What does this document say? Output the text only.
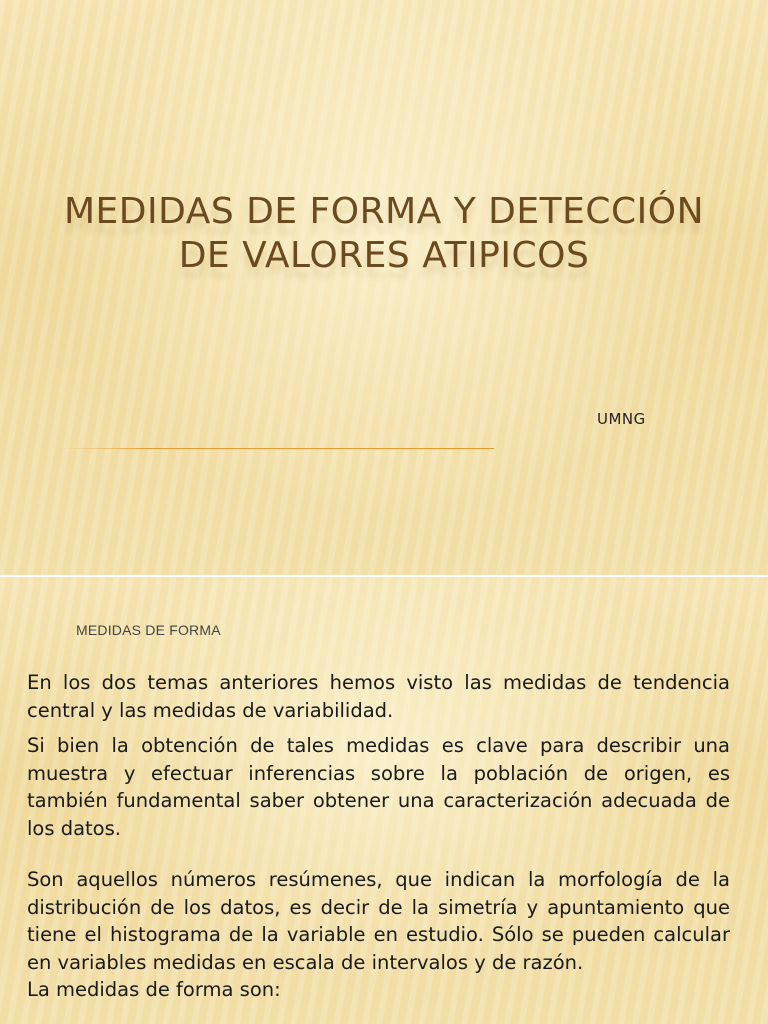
MEDIDAS DE FORMA Y DETECCIÓN
DE VALORES ATIPICOS
UMNG
MEDIDAS DE FORMA

En los dos temas anteriores hemos visto las medidas de tendencia central y las medidas de variabilidad.

Si bien la obtención de tales medidas es clave para describir una muestra y efectuar inferencias sobre la población de origen, es también fundamental saber obtener una caracterización adecuada de los datos.

Son aquellos números resúmenes, que indican la morfología de la distribución de los datos, es decir de la simetría y apuntamiento que tiene el histograma de la variable en estudio. Sólo se pueden calcular en variables medidas en escala de intervalos y de razón.

La medidas de forma son:
